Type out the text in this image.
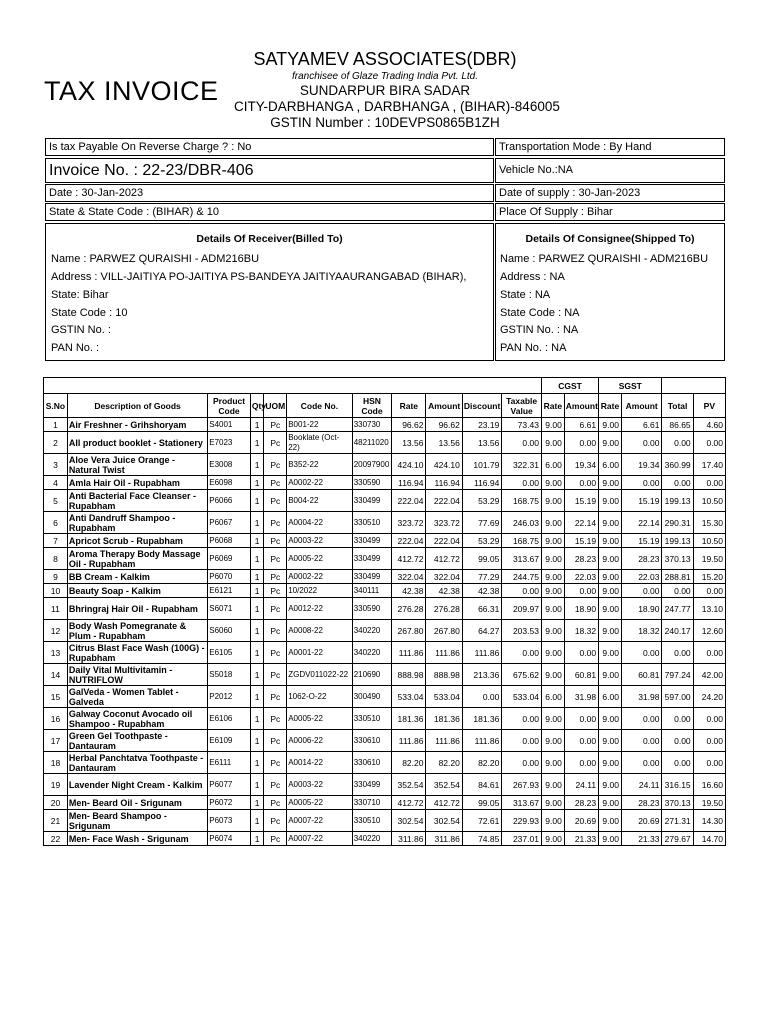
TAX INVOICE
SATYAMEV ASSOCIATES(DBR)
franchisee of Glaze Trading India Pvt. Ltd.
SUNDARPUR BIRA SADAR
CITY-DARBHANGA , DARBHANGA , (BIHAR)-846005
GSTIN Number : 10DEVPS0865B1ZH
Is tax Payable On Reverse Charge ? : No	Transportation Mode : By Hand
Invoice No. : 22-23/DBR-406	Vehicle No.:NA
Date : 30-Jan-2023	Date of supply : 30-Jan-2023
State & State Code : (BIHAR) & 10	Place Of Supply : Bihar
Details Of Receiver(Billed To)
Name : PARWEZ QURAISHI - ADM216BU
Address : VILL-JAITIYA PO-JAITIYA PS-BANDEYA JAITIYAAURANGABAD (BIHAR),
State: Bihar
State Code : 10
GSTIN No. :
PAN No. :
Details Of Consignee(Shipped To)
Name : PARWEZ QURAISHI - ADM216BU
Address : NA
State : NA
State Code : NA
GSTIN No. : NA
PAN No. : NA
											CGST		SGST			
S.No	Description of Goods	Product Code	Qty	UOM	Code No.	HSN Code	Rate	Amount	Discount	Taxable Value	Rate	Amount	Rate	Amount	Total	PV
1	Air Freshner - Grihshoryam	S4001	1	Pc	B001-22	330730	96.62	96.62	23.19	73.43	9.00	6.61	9.00	6.61	86.65	4.60
2	All product booklet - Stationery	E7023	1	Pc	Booklate (Oct-22)	48211020	13.56	13.56	13.56	0.00	9.00	0.00	9.00	0.00	0.00	0.00
3	Aloe Vera Juice Orange - Natural Twist	E3008	1	Pc	B352-22	20097900	424.10	424.10	101.79	322.31	6.00	19.34	6.00	19.34	360.99	17.40
4	Amla Hair Oil - Rupabham	E6098	1	Pc	A0002-22	330590	116.94	116.94	116.94	0.00	9.00	0.00	9.00	0.00	0.00	0.00
5	Anti Bacterial Face Cleanser - Rupabham	P6066	1	Pc	B004-22	330499	222.04	222.04	53.29	168.75	9.00	15.19	9.00	15.19	199.13	10.50
6	Anti Dandruff Shampoo - Rupabham	P6067	1	Pc	A0004-22	330510	323.72	323.72	77.69	246.03	9.00	22.14	9.00	22.14	290.31	15.30
7	Apricot Scrub - Rupabham	P6068	1	Pc	A0003-22	330499	222.04	222.04	53.29	168.75	9.00	15.19	9.00	15.19	199.13	10.50
8	Aroma Therapy Body Massage Oil - Rupabham	P6069	1	Pc	A0005-22	330499	412.72	412.72	99.05	313.67	9.00	28.23	9.00	28.23	370.13	19.50
9	BB Cream - Kalkim	P6070	1	Pc	A0002-22	330499	322.04	322.04	77.29	244.75	9.00	22.03	9.00	22.03	288.81	15.20
10	Beauty Soap - Kalkim	E6121	1	Pc	10/2022	340111	42.38	42.38	42.38	0.00	9.00	0.00	9.00	0.00	0.00	0.00
11	Bhringraj Hair Oil - Rupabham	S6071	1	Pc	A0012-22	330590	276.28	276.28	66.31	209.97	9.00	18.90	9.00	18.90	247.77	13.10
12	Body Wash Pomegranate & Plum - Rupabham	S6060	1	Pc	A0008-22	340220	267.80	267.80	64.27	203.53	9.00	18.32	9.00	18.32	240.17	12.60
13	Citrus Blast Face Wash (100G) - Rupabham	E6105	1	Pc	A0001-22	340220	111.86	111.86	111.86	0.00	9.00	0.00	9.00	0.00	0.00	0.00
14	Daily Vital Multivitamin - NUTRIFLOW	S5018	1	Pc	ZGDV011022-22	210690	888.98	888.98	213.36	675.62	9.00	60.81	9.00	60.81	797.24	42.00
15	GalVeda - Women Tablet - Galveda	P2012	1	Pc	1062-O-22	300490	533.04	533.04	0.00	533.04	6.00	31.98	6.00	31.98	597.00	24.20
16	Galway Coconut Avocado oil Shampoo - Rupabham	E6106	1	Pc	A0005-22	330510	181.36	181.36	181.36	0.00	9.00	0.00	9.00	0.00	0.00	0.00
17	Green Gel Toothpaste - Dantauram	E6109	1	Pc	A0006-22	330610	111.86	111.86	111.86	0.00	9.00	0.00	9.00	0.00	0.00	0.00
18	Herbal Panchtatva Toothpaste - Dantauram	E6111	1	Pc	A0014-22	330610	82.20	82.20	82.20	0.00	9.00	0.00	9.00	0.00	0.00	0.00
19	Lavender Night Cream - Kalkim	P6077	1	Pc	A0003-22	330499	352.54	352.54	84.61	267.93	9.00	24.11	9.00	24.11	316.15	16.60
20	Men- Beard Oil - Srigunam	P6072	1	Pc	A0005-22	330710	412.72	412.72	99.05	313.67	9.00	28.23	9.00	28.23	370.13	19.50
21	Men- Beard Shampoo - Srigunam	P6073	1	Pc	A0007-22	330510	302.54	302.54	72.61	229.93	9.00	20.69	9.00	20.69	271.31	14.30
22	Men- Face Wash - Srigunam	P6074	1	Pc	A0007-22	340220	311.86	311.86	74.85	237.01	9.00	21.33	9.00	21.33	279.67	14.70
